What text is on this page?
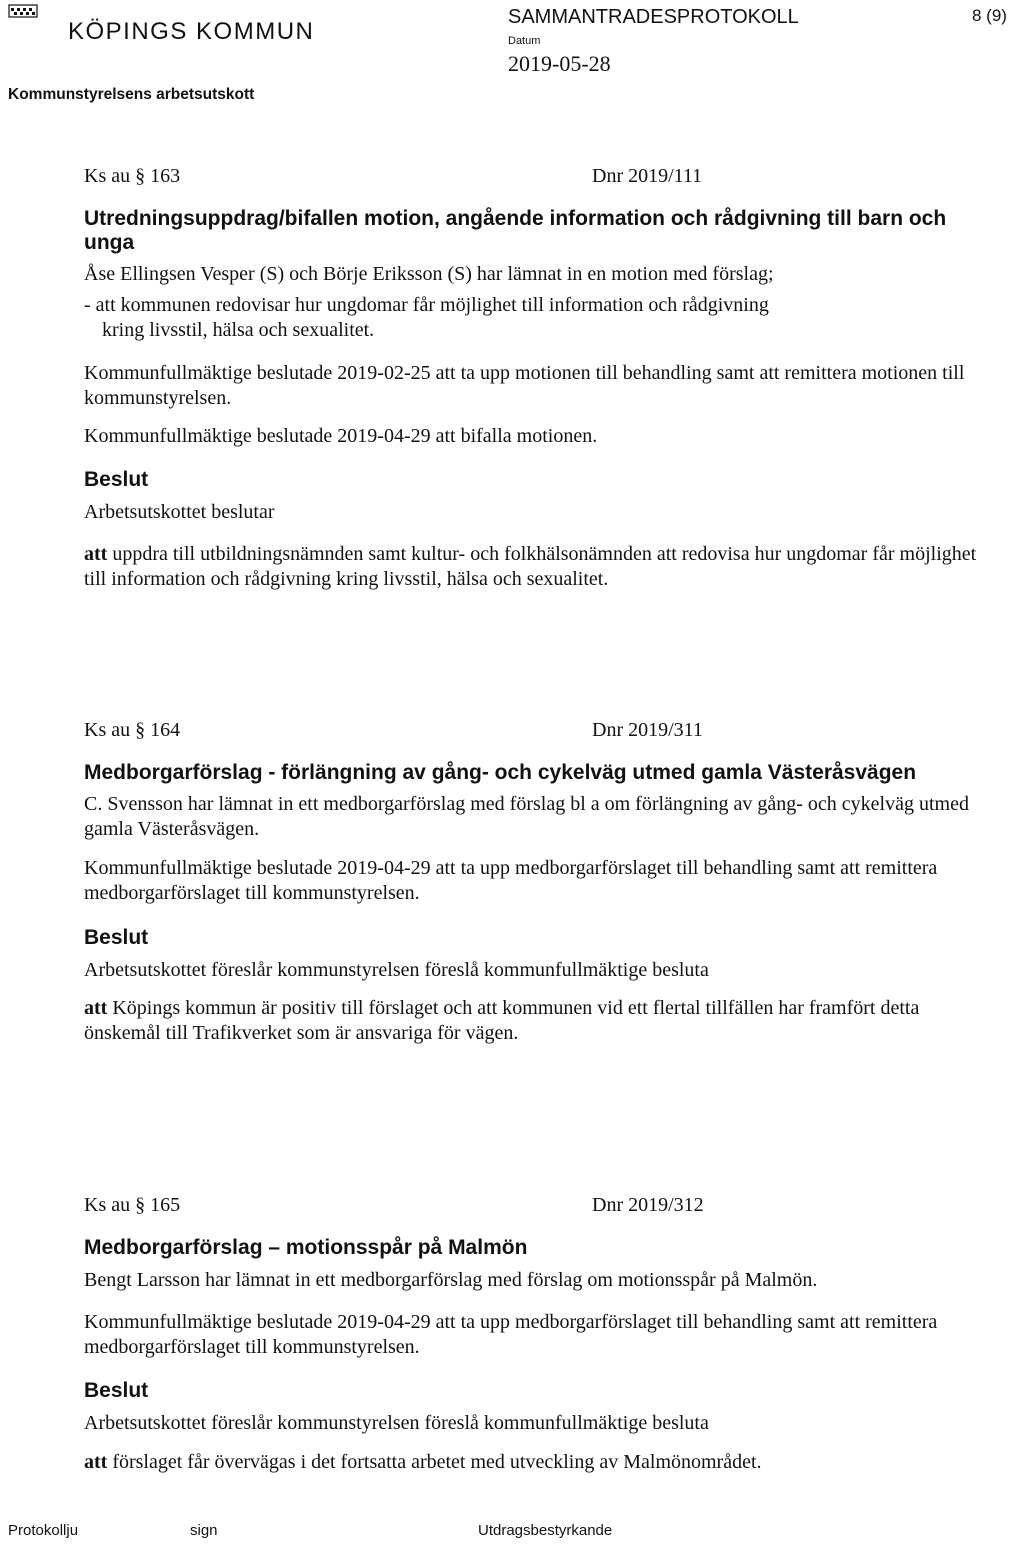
KÖPINGS KOMMUN

Kommunstyrelsens arbetsutskott

SAMMANTRADESPROTOKOLL

Datum

2019-05-28

8 (9)

Ks au § 163	Dnr 2019/111

Utredningsuppdrag/bifallen motion, angående information och rådgivning till barn och unga

Åse Ellingsen Vesper (S) och Börje Eriksson (S) har lämnat in en motion med förslag;

- att kommunen redovisar hur ungdomar får möjlighet till information och rådgivning

kring livsstil, hälsa och sexualitet.

Kommunfullmäktige beslutade 2019-02-25 att ta upp motionen till behandling samt att remittera motionen till kommunstyrelsen.

Kommunfullmäktige beslutade 2019-04-29 att bifalla motionen.

Beslut

Arbetsutskottet beslutar

att uppdra till utbildningsnämnden samt kultur- och folkhälsonämnden att redovisa hur ungdomar får möjlighet till information och rådgivning kring livsstil, hälsa och sexualitet.

Ks au § 164	Dnr 2019/311

Medborgarförslag - förlängning av gång- och cykelväg utmed gamla Västeråsvägen

C. Svensson har lämnat in ett medborgarförslag med förslag bl a om förlängning av gång- och cykelväg utmed gamla Västeråsvägen.

Kommunfullmäktige beslutade 2019-04-29 att ta upp medborgarförslaget till behandling samt att remittera medborgarförslaget till kommunstyrelsen.

Beslut

Arbetsutskottet föreslår kommunstyrelsen föreslå kommunfullmäktige besluta

att Köpings kommun är positiv till förslaget och att kommunen vid ett flertal tillfällen har framfört detta önskemål till Trafikverket som är ansvariga för vägen.

Ks au § 165	Dnr 2019/312

Medborgarförslag – motionsspår på Malmön

Bengt Larsson har lämnat in ett medborgarförslag med förslag om motionsspår på Malmön.

Kommunfullmäktige beslutade 2019-04-29 att ta upp medborgarförslaget till behandling samt att remittera medborgarförslaget till kommunstyrelsen.

Beslut

Arbetsutskottet föreslår kommunstyrelsen föreslå kommunfullmäktige besluta

att förslaget får övervägas i det fortsatta arbetet med utveckling av Malmönområdet.

Protokollju	sign	Utdragsbestyrkande
